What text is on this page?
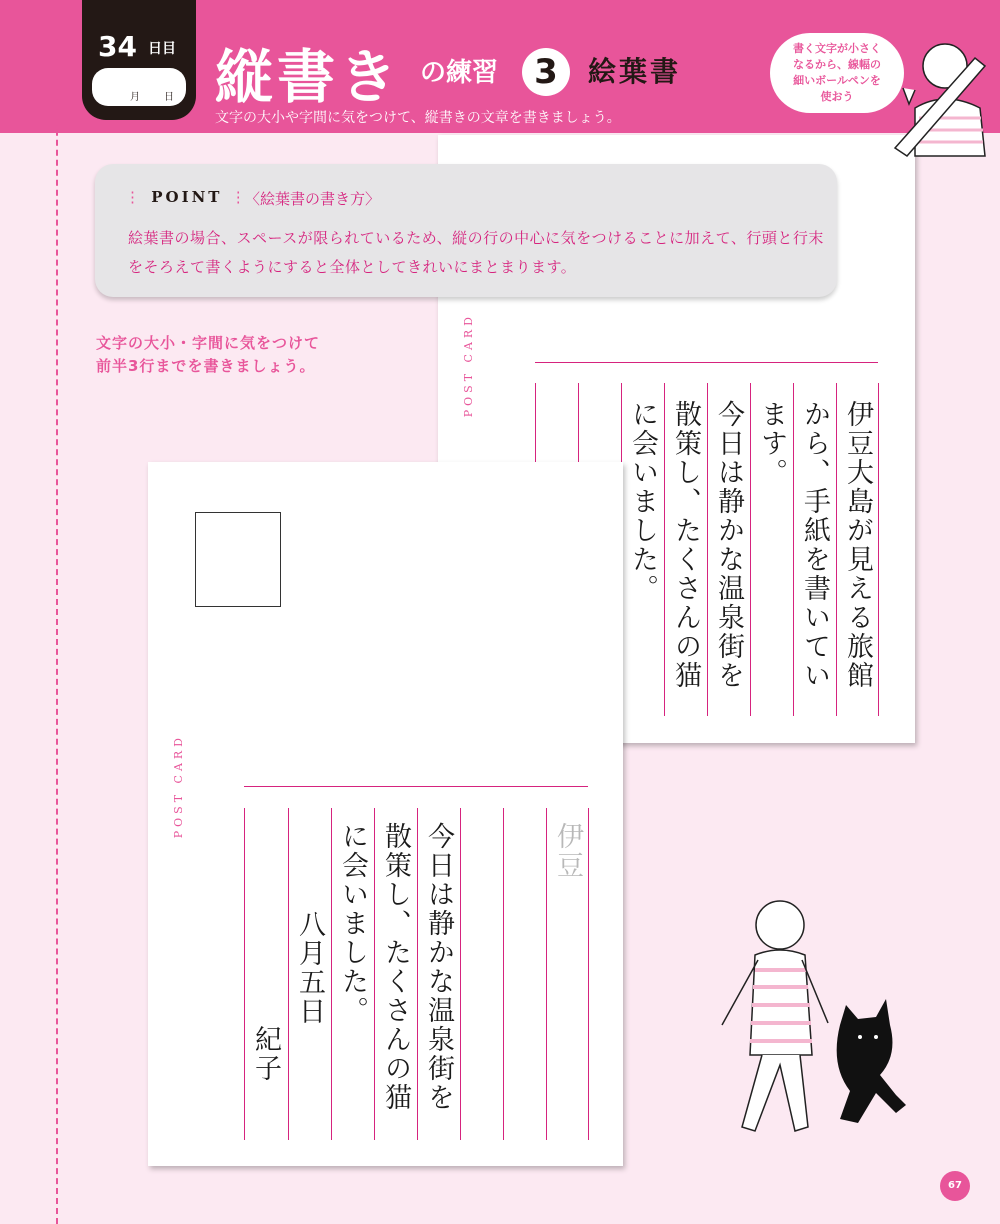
34 日目
月 日 縦書き の練習	3	絵葉書
文字の大小や字間に気をつけて、縦書きの文章を書きましょう。
書く文字が小さく
なるから、線幅の
細いボールペンを
使おう
POST CARD
伊豆大島が見える旅館
から、手紙を書いてい
ます。
今日は静かな温泉街を
散策し、たくさんの猫
に会いました。
POST CARD
伊豆
今日は静かな温泉街を
散策し、たくさんの猫
に会いました。
八月五日
紀子
⋮ POINT ⋮
〈絵葉書の書き方〉
絵葉書の場合、スペースが限られているため、縦の行の中心に気をつけることに加えて、行頭と行末をそろえて書くようにすると全体としてきれいにまとまります。
文字の大小・字間に気をつけて
前半3行までを書きましょう。
67
